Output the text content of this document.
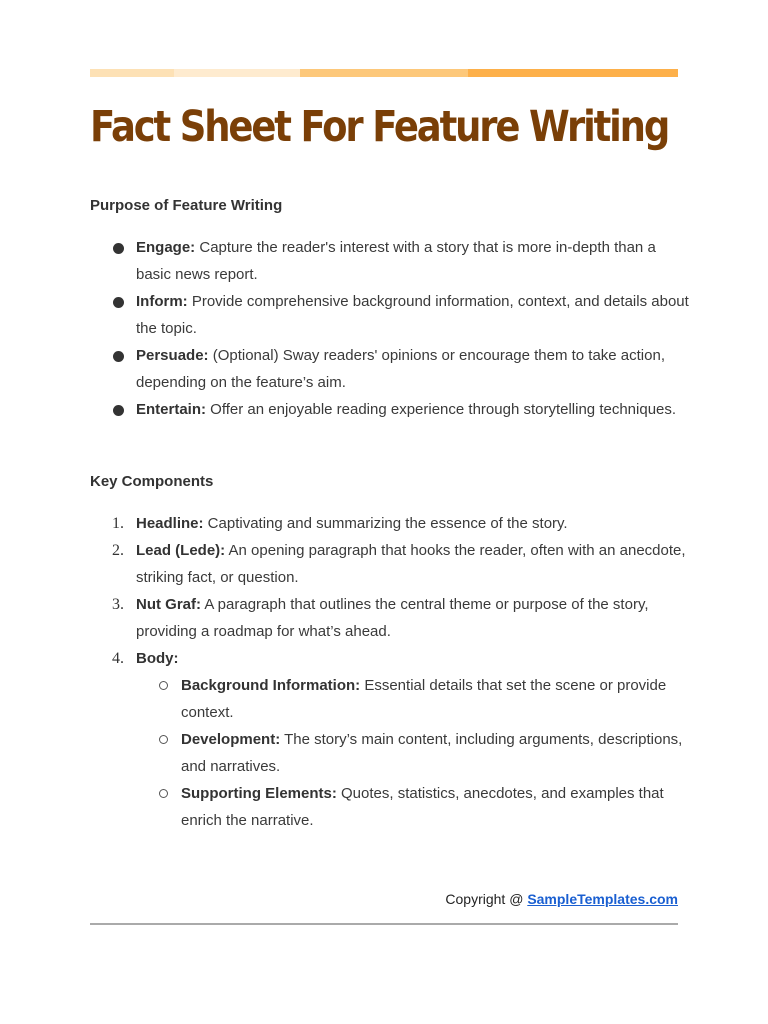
Fact Sheet For Feature Writing
Purpose of Feature Writing
Engage: Capture the reader's interest with a story that is more in-depth than a basic news report.
Inform: Provide comprehensive background information, context, and details about the topic.
Persuade: (Optional) Sway readers' opinions or encourage them to take action, depending on the feature’s aim.
Entertain: Offer an enjoyable reading experience through storytelling techniques.
Key Components
1. Headline: Captivating and summarizing the essence of the story.
2. Lead (Lede): An opening paragraph that hooks the reader, often with an anecdote, striking fact, or question.
3. Nut Graf: A paragraph that outlines the central theme or purpose of the story, providing a roadmap for what’s ahead.
4. Body:
Background Information: Essential details that set the scene or provide context.
Development: The story’s main content, including arguments, descriptions, and narratives.
Supporting Elements: Quotes, statistics, anecdotes, and examples that enrich the narrative.
Copyright @ SampleTemplates.com
